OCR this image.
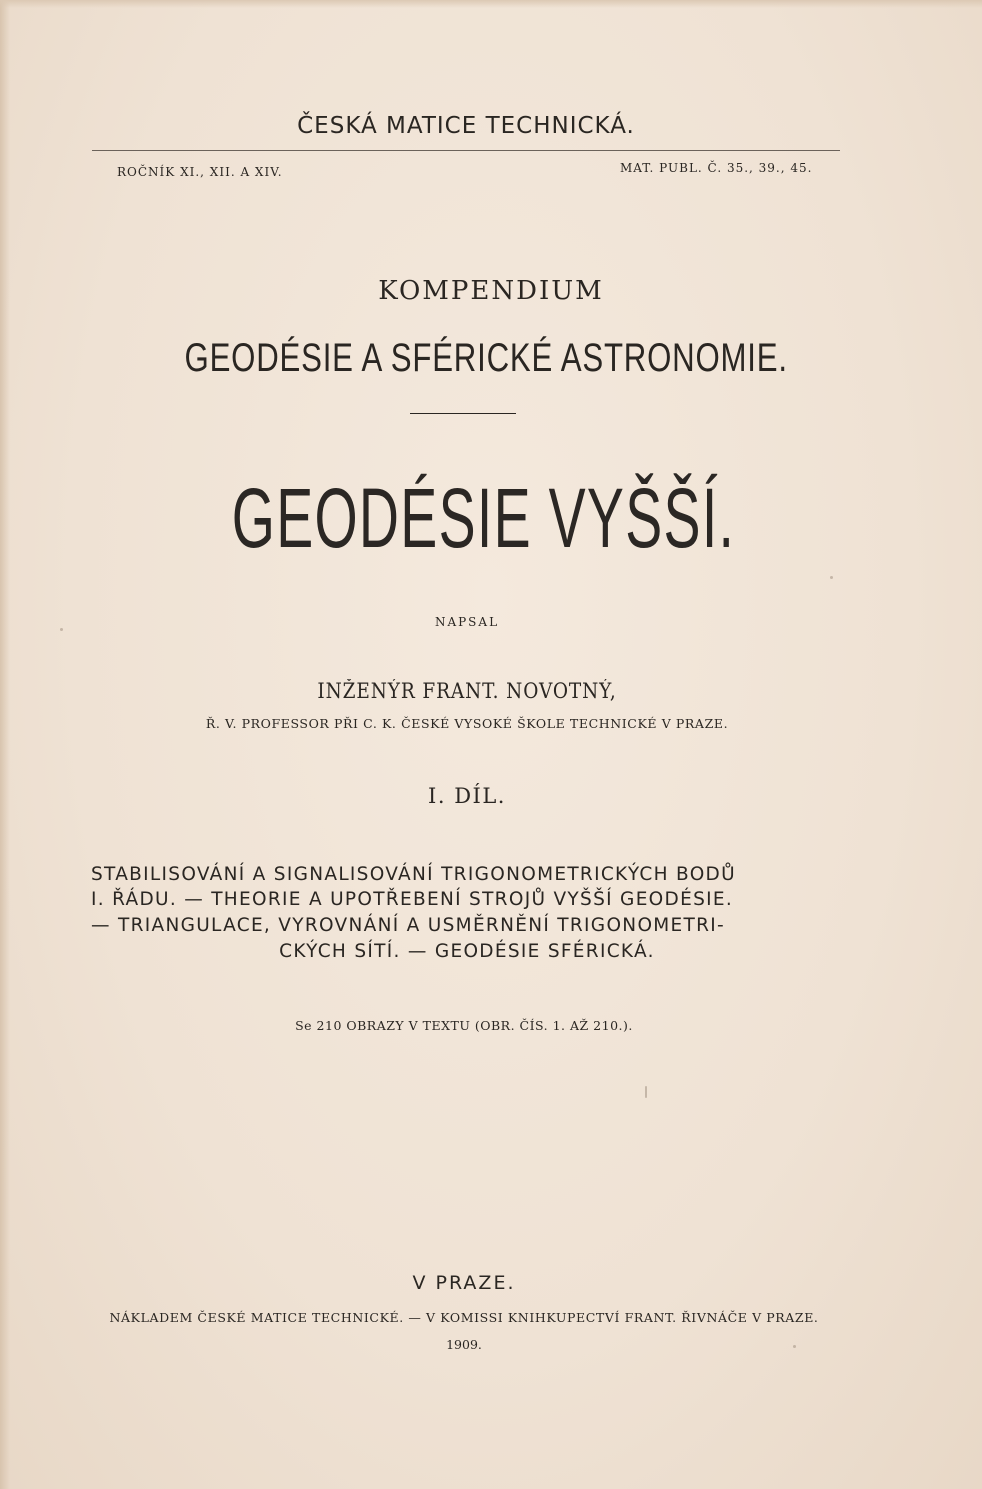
ČESKÁ MATICE TECHNICKÁ.
ROČNÍK XI., XII. A XIV.	MAT. PUBL. Č. 35., 39., 45.
KOMPENDIUM
GEODÉSIE A SFÉRICKÉ ASTRONOMIE.
GEODÉSIE VYŠŠÍ.
NAPSAL
INŽENÝR FRANT. NOVOTNÝ,
Ř. V. PROFESSOR PŘI C. K. ČESKÉ VYSOKÉ ŠKOLE TECHNICKÉ V PRAZE.
I. DÍL.
STABILISOVÁNÍ A SIGNALISOVÁNÍ TRIGONOMETRICKÝCH BODŮ
I. ŘÁDU. — THEORIE A UPOTŘEBENÍ STROJŮ VYŠŠÍ GEODÉSIE.
— TRIANGULACE, VYROVNÁNÍ A USMĚRNĚNÍ TRIGONOMETRI-
CKÝCH SÍTÍ. — GEODÉSIE SFÉRICKÁ.
Se 210 OBRAZY V TEXTU (OBR. ČÍS. 1. AŽ 210.).
V PRAZE.
NÁKLADEM ČESKÉ MATICE TECHNICKÉ. — V KOMISSI KNIHKUPECTVÍ FRANT. ŘIVNÁČE V PRAZE.
1909.
